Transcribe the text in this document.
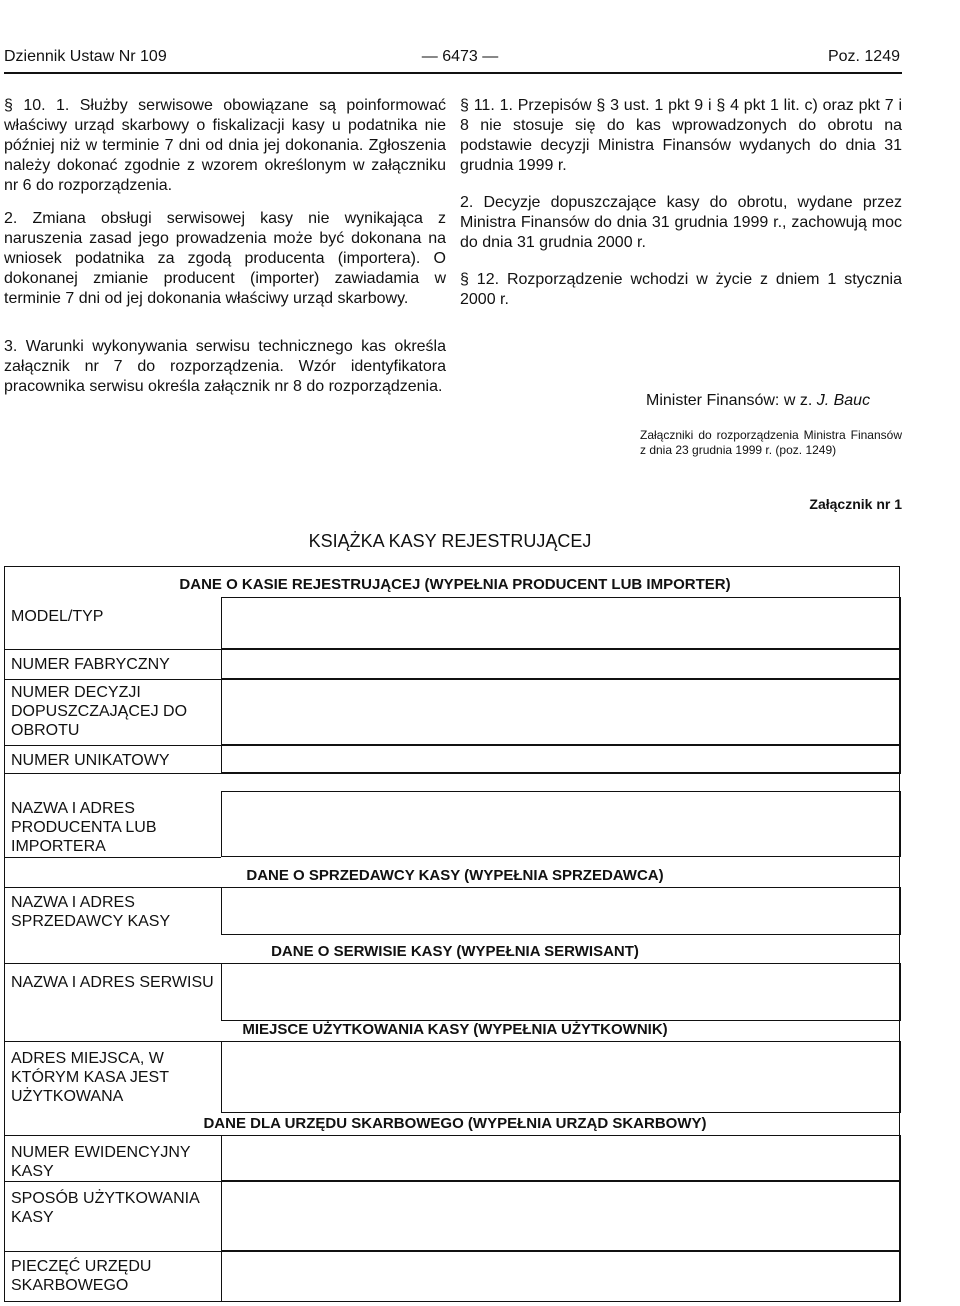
Dziennik Ustaw Nr 109	— 6473 —	Poz. 1249

§ 10. 1. Służby serwisowe obowiązane są poinformować właściwy urząd skarbowy o fiskalizacji kasy u podatnika nie później niż w terminie 7 dni od dnia jej dokonania. Zgłoszenia należy dokonać zgodnie z wzorem określonym w załączniku nr 6 do rozporządzenia.

2. Zmiana obsługi serwisowej kasy nie wynikająca z naruszenia zasad jego prowadzenia może być dokonana na wniosek podatnika za zgodą producenta (importera). O dokonanej zmianie producent (importer) zawiadamia w terminie 7 dni od jej dokonania właściwy urząd skarbowy.

3. Warunki wykonywania serwisu technicznego kas określa załącznik nr 7 do rozporządzenia. Wzór identyfikatora pracownika serwisu określa załącznik nr 8 do rozporządzenia.

§ 11. 1. Przepisów § 3 ust. 1 pkt 9 i § 4 pkt 1 lit. c) oraz pkt 7 i 8 nie stosuje się do kas wprowadzonych do obrotu na podstawie decyzji Ministra Finansów wydanych do dnia 31 grudnia 1999 r.

2. Decyzje dopuszczające kasy do obrotu, wydane przez Ministra Finansów do dnia 31 grudnia 1999 r., zachowują moc do dnia 31 grudnia 2000 r.

§ 12. Rozporządzenie wchodzi w życie z dniem 1 stycznia 2000 r.

Minister Finansów: w z. J. Bauc

Załączniki do rozporządzenia Ministra Finansów z dnia 23 grudnia 1999 r. (poz. 1249)

Załącznik nr 1
KSIĄŻKA KASY REJESTRUJĄCEJ
DANE O KASIE REJESTRUJĄCEJ (WYPEŁNIA PRODUCENT LUB IMPORTER)
MODEL/TYP
NUMER FABRYCZNY
NUMER DECYZJI DOPUSZCZAJĄCEJ DO OBROTU
NUMER UNIKATOWY
NAZWA I ADRES PRODUCENTA LUB IMPORTERA
DANE O SPRZEDAWCY KASY (WYPEŁNIA SPRZEDAWCA)
NAZWA I ADRES SPRZEDAWCY KASY
DANE O SERWISIE KASY (WYPEŁNIA SERWISANT)
NAZWA I ADRES SERWISU
MIEJSCE UŻYTKOWANIA KASY (WYPEŁNIA UŻYTKOWNIK)
ADRES MIEJSCA, W KTÓRYM KASA JEST UŻYTKOWANA
DANE DLA URZĘDU SKARBOWEGO (WYPEŁNIA URZĄD SKARBOWY)
NUMER EWIDENCYJNY KASY
SPOSÓB UŻYTKOWANIA KASY
PIECZĘĆ URZĘDU SKARBOWEGO
